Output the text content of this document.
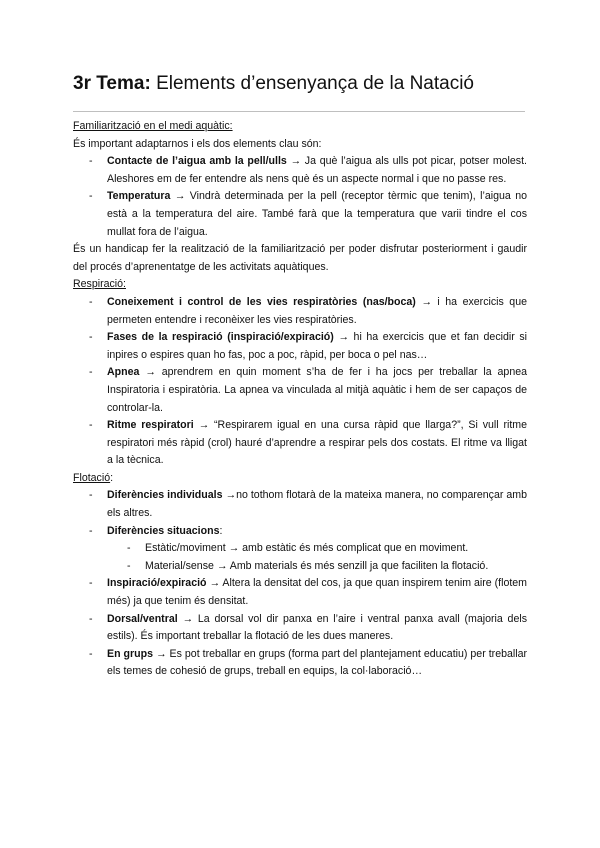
3r Tema: Elements d’ensenyança de la Natació

Familiarització en el medi aquàtic:

És important adaptarnos i els dos elements clau són:

- Contacte de l’aigua amb la pell/ulls → Ja què l’aigua als ulls pot picar, potser molest. Aleshores em de fer entendre als nens què és un aspecte normal i que no passe res.
- Temperatura → Vindrà determinada per la pell (receptor tèrmic que tenim), l’aigua no està a la temperatura del aire. També farà que la temperatura que varii tindre el cos mullat fora de l’aigua.

És un handicap fer la realització de la familiarització per poder disfrutar posteriorment i gaudir del procés d’aprenentatge de les activitats aquàtiques.

Respiració:

- Coneixement i control de les vies respiratòries (nas/boca) → i ha exercicis que permeten entendre i reconèixer les vies respiratòries.
- Fases de la respiració (inspiració/expiració) → hi ha exercicis que et fan decidir si inpires o espires quan ho fas, poc a poc, ràpid, per boca o pel nas…
- Apnea → aprendrem en quin moment s’ha de fer i ha jocs per treballar la apnea Inspiratoria i espiratòria. La apnea va vinculada al mitjà aquàtic i hem de ser capaços de controlar-la.
- Ritme respiratori → “Respirarem igual en una cursa ràpid que llarga?”, Si vull ritme respiratori més ràpid (crol) hauré d’aprendre a respirar pels dos costats. El ritme va lligat a la tècnica.

Flotació:

- Diferències individuals →no tothom flotarà de la mateixa manera, no comparençar amb els altres.
- Diferències situacions:
- Estàtic/moviment → amb estàtic és més complicat que en moviment.
- Material/sense → Amb materials és més senzill ja que faciliten la flotació.
- Inspiració/expiració → Altera la densitat del cos, ja que quan inspirem tenim aire (flotem més) ja que tenim és densitat.
- Dorsal/ventral → La dorsal vol dir panxa en l’aire i ventral panxa avall (majoria dels estils). És important treballar la flotació de les dues maneres.
- En grups → Es pot treballar en grups (forma part del plantejament educatiu) per treballar els temes de cohesió de grups, treball en equips, la col·laboració…
